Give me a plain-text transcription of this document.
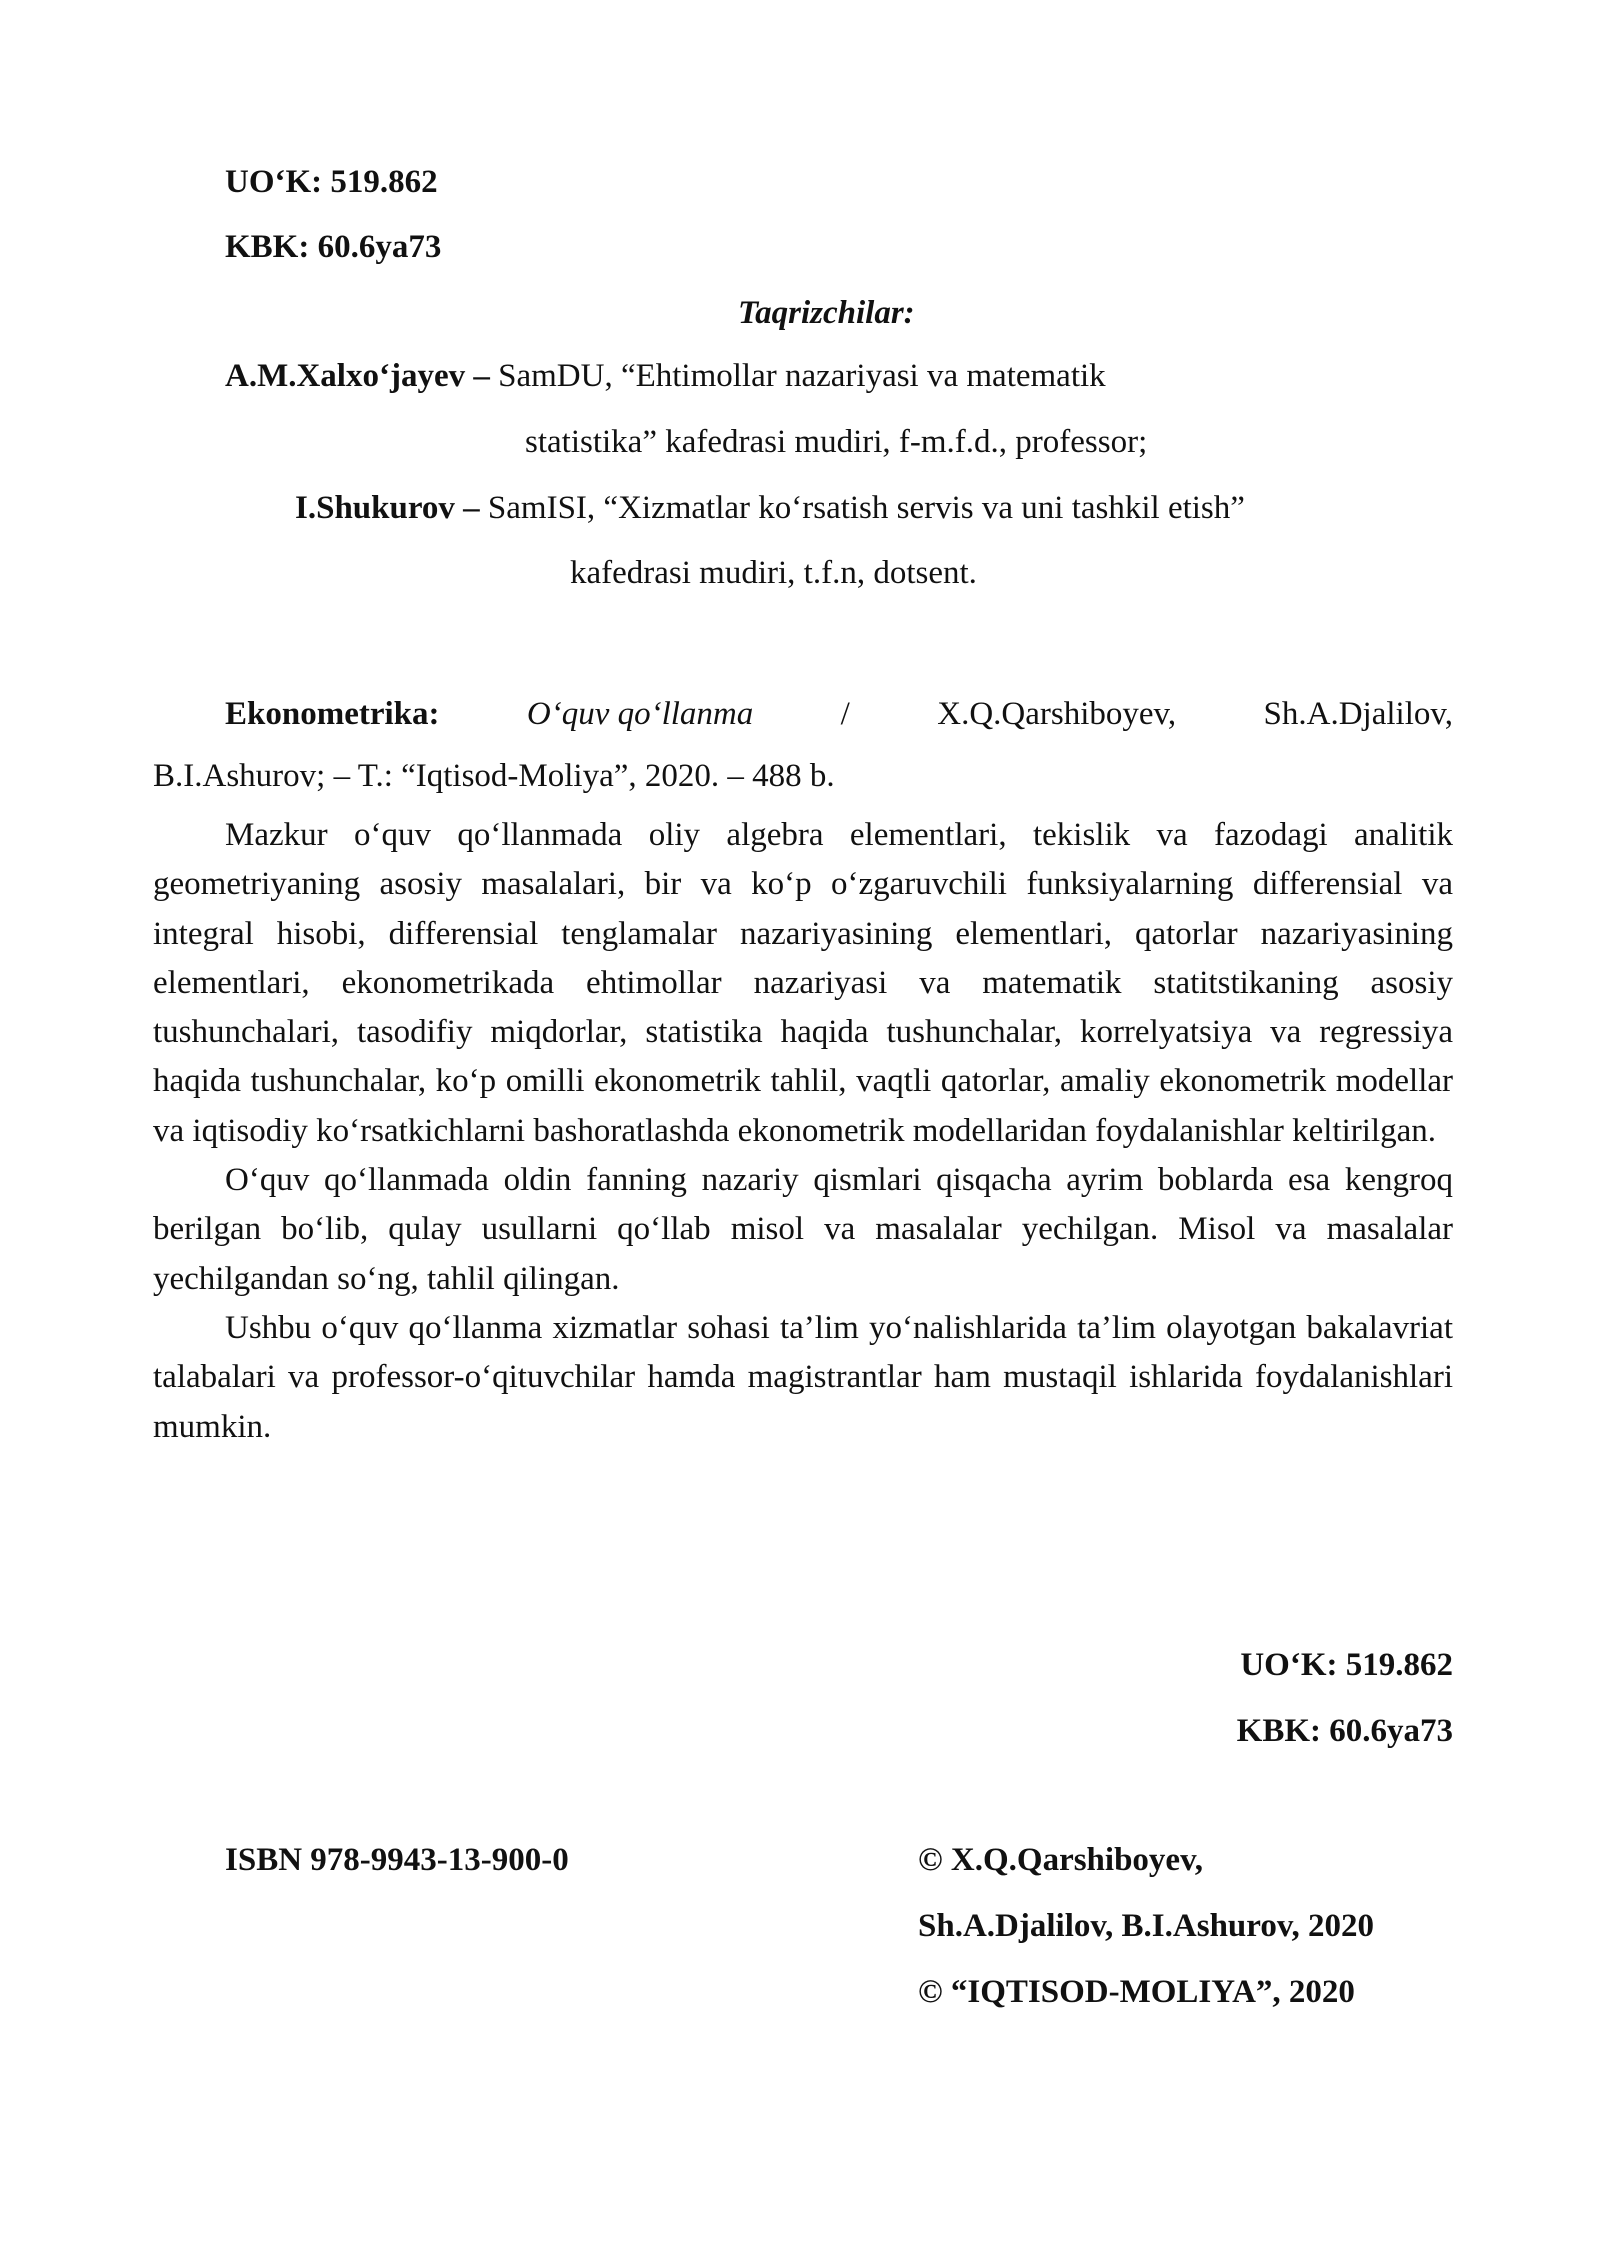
UO‘K: 519.862
KBK: 60.6ya73
Taqrizchilar:
A.M.Xalxo‘jayev – SamDU, “Ehtimollar nazariyasi va matematik
statistika” kafedrasi mudiri, f-m.f.d., professor;
I.Shukurov – SamISI, “Xizmatlar ko‘rsatish servis va uni tashkil etish”
kafedrasi mudiri, t.f.n, dotsent.
Ekonometrika:	O‘quv qo‘llanma	/	X.Q.Qarshiboyev,	Sh.A.Djalilov,
B.I.Ashurov; – T.: “Iqtisod-Moliya”, 2020. – 488 b.

Mazkur o‘quv qo‘llanmada oliy algebra elementlari, tekislik va fazodagi analitik geometriyaning asosiy masalalari, bir va ko‘p o‘zgaruvchili funksiyalarning differensial va integral hisobi, differensial tenglamalar nazariyasining elementlari, qatorlar nazariyasining elementlari, ekonometrikada ehtimollar nazariyasi va matematik statitstikaning asosiy tushunchalari, tasodifiy miqdorlar, statistika haqida tushunchalar, korrelyatsiya va regressiya haqida tushunchalar, ko‘p omilli ekonometrik tahlil, vaqtli qatorlar, amaliy ekonometrik modellar va iqtisodiy ko‘rsatkichlarni bashoratlashda ekonometrik modellaridan foydalanishlar keltirilgan.

O‘quv qo‘llanmada oldin fanning nazariy qismlari qisqacha ayrim boblarda esa kengroq berilgan bo‘lib, qulay usullarni qo‘llab misol va masalalar yechilgan. Misol va masalalar yechilgandan so‘ng, tahlil qilingan.

Ushbu o‘quv qo‘llanma xizmatlar sohasi ta’lim yo‘nalishlarida ta’lim olayotgan bakalavriat talabalari va professor-o‘qituvchilar hamda magistrantlar ham mustaqil ishlarida foydalanishlari mumkin.

UO‘K: 519.862
KBK: 60.6ya73
ISBN 978-9943-13-900-0	© X.Q.Qarshiboyev,
Sh.A.Djalilov, B.I.Ashurov, 2020
© “IQTISOD-MOLIYA”, 2020
